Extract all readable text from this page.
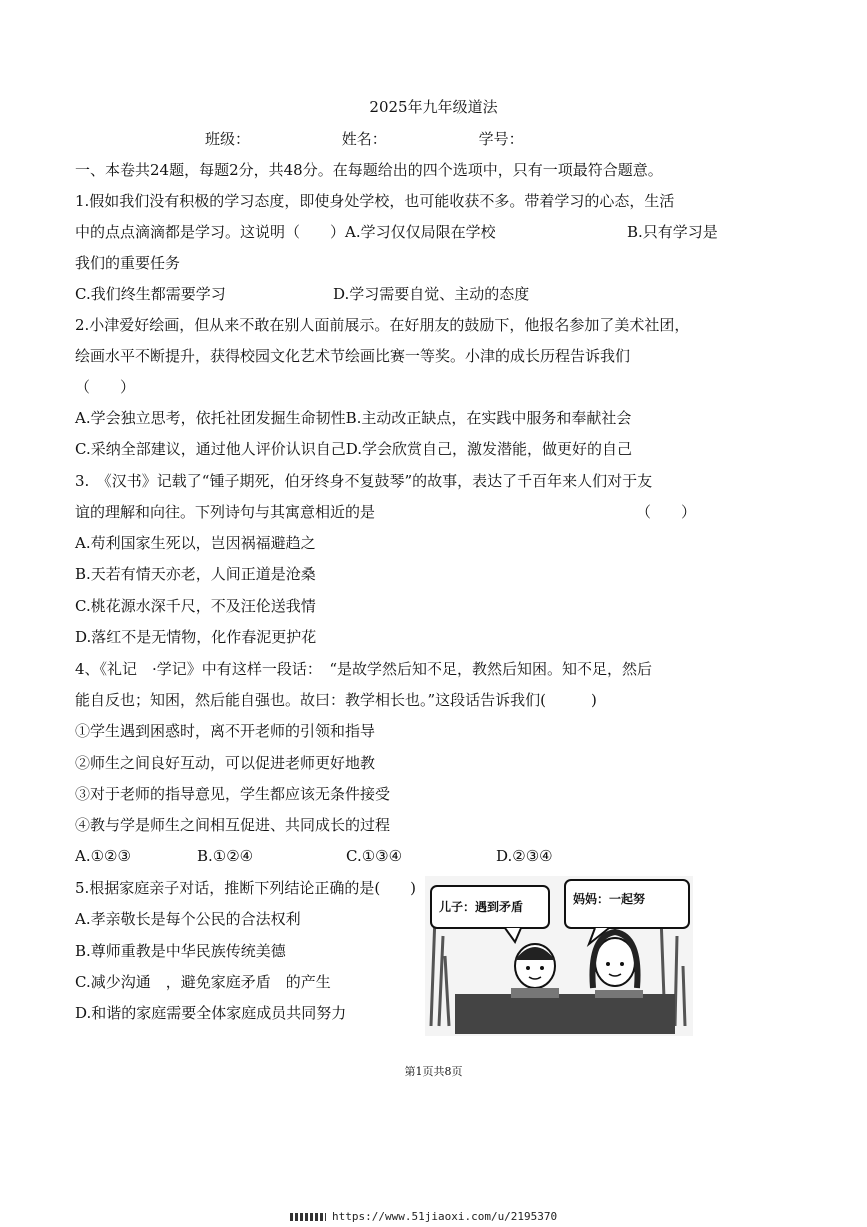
2025年九年级道法
班级：	姓名：	学号：
一、本卷共24题，每题2分，共48分。在每题给出的四个选项中，只有一项最符合题意。
1.假如我们没有积极的学习态度，即使身处学校，也可能收获不多。带着学习的心态，生活
中的点点滴滴都是学习。这说明（　　）A.学习仅仅局限在学校	B.只有学习是
我们的重要任务
C.我们终生都需要学习	D.学习需要自觉、主动的态度
2.小津爱好绘画，但从来不敢在别人面前展示。在好朋友的鼓励下，他报名参加了美术社团，
绘画水平不断提升，获得校园文化艺术节绘画比赛一等奖。小津的成长历程告诉我们
（　　）
A.学会独立思考，依托社团发掘生命韧性B.主动改正缺点，在实践中服务和奉献社会
C.采纳全部建议，通过他人评价认识自己D.学会欣赏自己，激发潜能，做更好的自己
3.　《汉书》记载了“锺子期死，伯牙终身不复鼓琴”的故事，表达了千百年来人们对于友
谊的理解和向往。下列诗句与其寓意相近的是	（　　）
A.苟利国家生死以，岂因祸福避趋之
B.天若有情天亦老，人间正道是沧桑
C.桃花源水深千尺，不及汪伦送我情
D.落红不是无情物，化作春泥更护花
4、《礼记　·学记》中有这样一段话：　“是故学然后知不足，教然后知困。知不足，然后
能自反也；知困，然后能自强也。故曰：教学相长也。”这段话告诉我们(　　　)
①学生遇到困惑时，离不开老师的引领和指导
②师生之间良好互动，可以促进老师更好地教
③对于老师的指导意见，学生都应该无条件接受
④教与学是师生之间相互促进、共同成长的过程
A.①②③	B.①②④	C.①③④	D.②③④
5.根据家庭亲子对话，推断下列结论正确的是(　　)
A.孝亲敬长是每个公民的合法权利
B.尊师重教是中华民族传统美德
C.减少沟通　，避免家庭矛盾　的产生
D.和谐的家庭需要全体家庭成员共同努力
儿子：遇到矛盾
妈妈：一起努
第1页共8页
https://www.51jiaoxi.com/u/2195370
